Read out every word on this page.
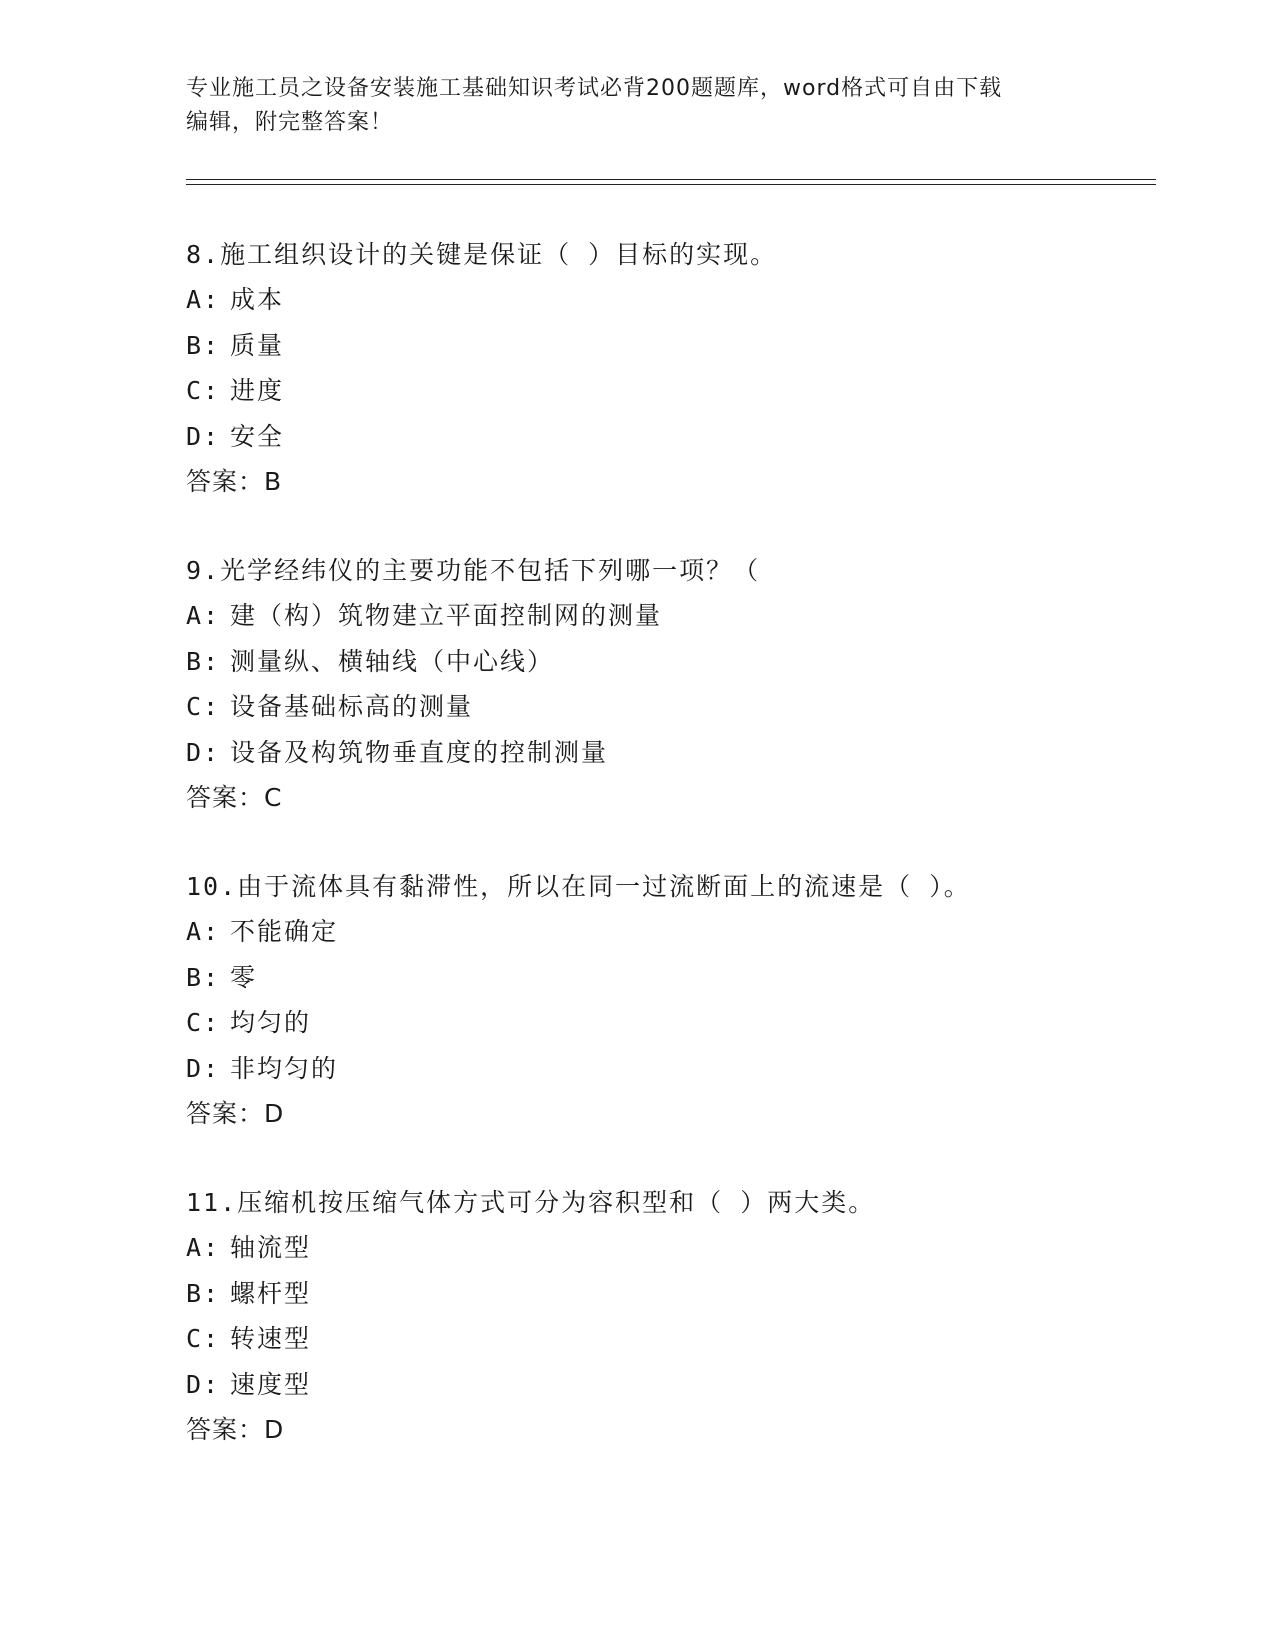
专业施工员之设备安装施工基础知识考试必背200题题库，word格式可自由下载
编辑，附完整答案！
8.施工组织设计的关键是保证（ ）目标的实现。
A: 成本
B: 质量
C: 进度
D: 安全
答案：B
9.光学经纬仪的主要功能不包括下列哪一项？（
A: 建（构）筑物建立平面控制网的测量
B: 测量纵、横轴线（中心线）
C: 设备基础标高的测量
D: 设备及构筑物垂直度的控制测量
答案：C
10.由于流体具有黏滞性，所以在同一过流断面上的流速是（ ）。
A: 不能确定
B: 零
C: 均匀的
D: 非均匀的
答案：D
11.压缩机按压缩气体方式可分为容积型和（ ）两大类。
A: 轴流型
B: 螺杆型
C: 转速型
D: 速度型
答案：D
